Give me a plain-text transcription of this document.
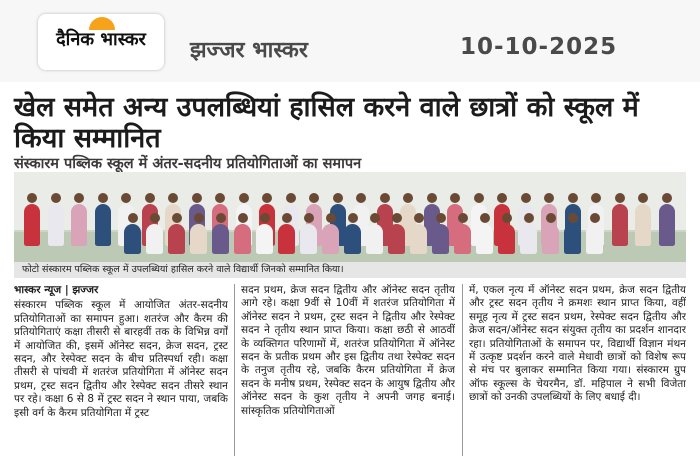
दैनिक भास्कर	झज्जर भास्कर	10-10-2025
खेल समेत अन्य उपलब्धियां हासिल करने वाले छात्रों को स्कूल में किया सम्मानित
संस्कारम पब्लिक स्कूल में अंतर-सदनीय प्रतियोगिताओं का समापन
फोटो संस्कारम पब्लिक स्कूल में उपलब्धियां हासिल करने वाले विद्यार्थी जिनको सम्मानित किया।
भास्कर न्यूज | झज्जर
संस्कारम पब्लिक स्कूल में आयोजित अंतर-सदनीय प्रतियोगिताओं का समापन हुआ। शतरंज और कैरम की प्रतियोगिताएं कक्षा तीसरी से बारहवीं तक के विभिन्न वर्गों में आयोजित की, इसमें ऑनेस्ट सदन, क्रेज सदन, ट्रस्ट सदन, और रेस्पेक्ट सदन के बीच प्रतिस्पर्धा रही। कक्षा तीसरी से पांचवी में शतरंज प्रतियोगिता में ऑनेस्ट सदन प्रथम, ट्रस्ट सदन द्वितीय और रेस्पेक्ट सदन तीसरे स्थान पर रहे। कक्षा 6 से 8 में ट्रस्ट सदन ने स्थान पाया, जबकि इसी वर्ग के कैरम प्रतियोगिता में ट्रस्ट
सदन प्रथम, क्रेज सदन द्वितीय और ऑनेस्ट सदन तृतीय आगे रहे। कक्षा 9वीं से 10वीं में शतरंज प्रतियोगिता में ऑनेस्ट सदन ने प्रथम, ट्रस्ट सदन ने द्वितीय और रेस्पेक्ट सदन ने तृतीय स्थान प्राप्त किया। कक्षा छठी से आठवीं के व्यक्तिगत परिणामों में, शतरंज प्रतियोगिता में ऑनेस्ट सदन के प्रतीक प्रथम और इस द्वितीय तथा रेस्पेक्ट सदन के तनुज तृतीय रहे, जबकि कैरम प्रतियोगिता में क्रेज सदन के मनीष प्रथम, रेस्पेक्ट सदन के आयुष द्वितीय और ऑनेस्ट सदन के कुश तृतीय ने अपनी जगह बनाई। सांस्कृतिक प्रतियोगिताओं
में, एकल नृत्य में ऑनेस्ट सदन प्रथम, क्रेज सदन द्वितीय और ट्रस्ट सदन तृतीय ने क्रमशः स्थान प्राप्त किया, वहीं समूह नृत्य में ट्रस्ट सदन प्रथम, रेस्पेक्ट सदन द्वितीय और क्रेज सदन/ऑनेस्ट सदन संयुक्त तृतीय का प्रदर्शन शानदार रहा। प्रतियोगिताओं के समापन पर, विद्यार्थी विज्ञान मंथन में उत्कृष्ट प्रदर्शन करने वाले मेधावी छात्रों को विशेष रूप से मंच पर बुलाकर सम्मानित किया गया। संस्कारम ग्रुप ऑफ स्कूल्स के चेयरमैन, डॉ. महिपाल ने सभी विजेता छात्रों को उनकी उपलब्धियों के लिए बधाई दी।
